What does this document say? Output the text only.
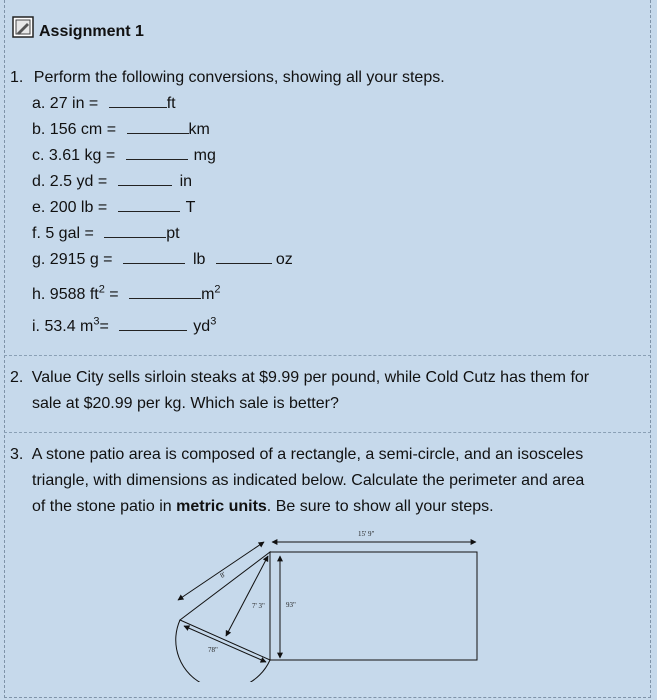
Assignment 1
1. Perform the following conversions, showing all your steps.
a. 27 in =	ft
b. 156 cm =	km
c. 3.61 kg =	mg
d. 2.5 yd =	in
e. 200 lb =	T
f. 5 gal =	pt
g. 2915 g =	lb	oz
h. 9588 $ft^2$ =	$m^2$
i. 53.4 $m^3=$	$yd^3$
2. Value City sells sirloin steaks at $9.99 per pound, while Cold Cutz has them for
sale at $20.99 per kg. Which sale is better?
3. A stone patio area is composed of a rectangle, a semi-circle, and an isosceles
triangle, with dimensions as indicated below. Calculate the perimeter and area
of the stone patio in metric units. Be sure to show all your steps.
15' 9"
93"
7' 3"
8'
78"
